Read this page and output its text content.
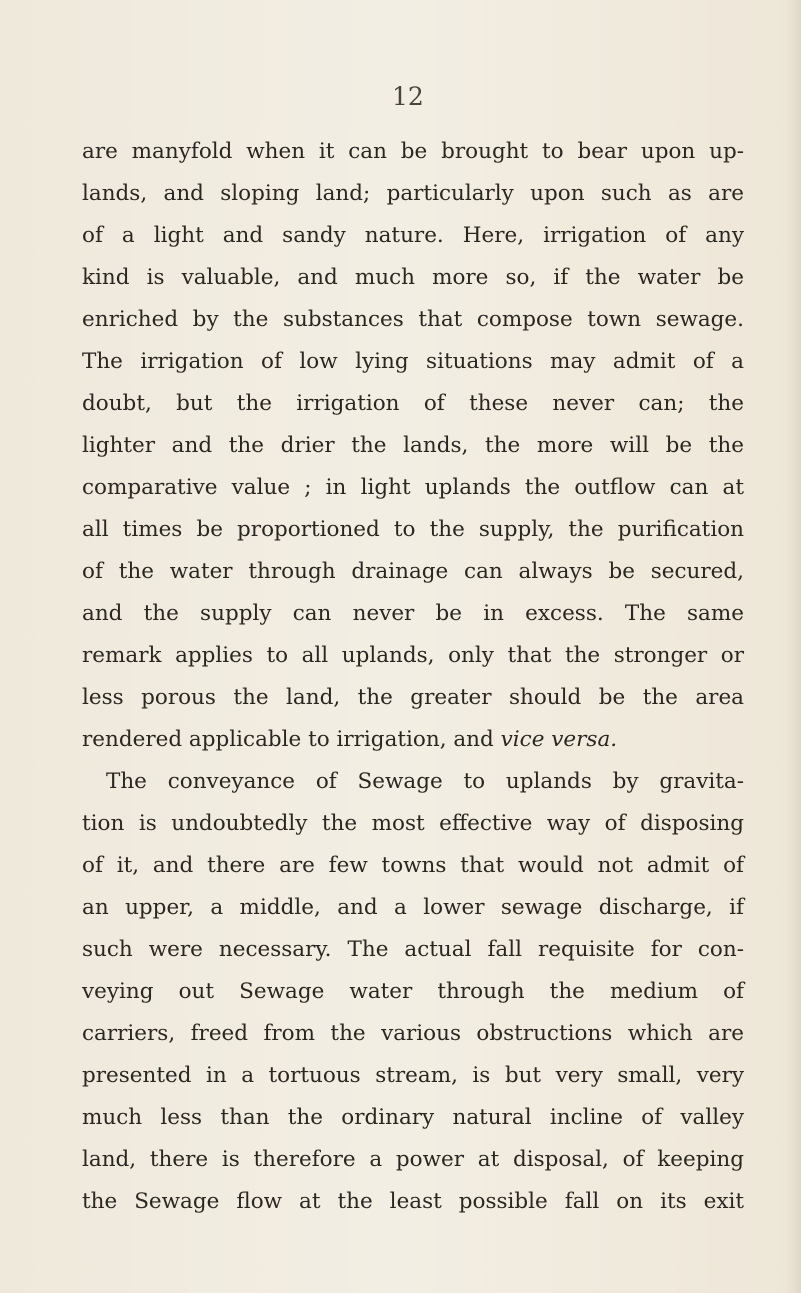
12
are manyfold when it can be brought to bear upon up-
lands, and sloping land; particularly upon such as are
of a light and sandy nature. Here, irrigation of any
kind is valuable, and much more so, if the water be
enriched by the substances that compose town sewage.
The irrigation of low lying situations may admit of a
doubt, but the irrigation of these never can; the
lighter and the drier the lands, the more will be the
comparative value ; in light uplands the outflow can at
all times be proportioned to the supply, the purification
of the water through drainage can always be secured,
and the supply can never be in excess. The same
remark applies to all uplands, only that the stronger or
less porous the land, the greater should be the area
rendered applicable to irrigation, and vice versa.
The conveyance of Sewage to uplands by gravita-
tion is undoubtedly the most effective way of disposing
of it, and there are few towns that would not admit of
an upper, a middle, and a lower sewage discharge, if
such were necessary. The actual fall requisite for con-
veying out Sewage water through the medium of
carriers, freed from the various obstructions which are
presented in a tortuous stream, is but very small, very
much less than the ordinary natural incline of valley
land, there is therefore a power at disposal, of keeping
the Sewage flow at the least possible fall on its exit
